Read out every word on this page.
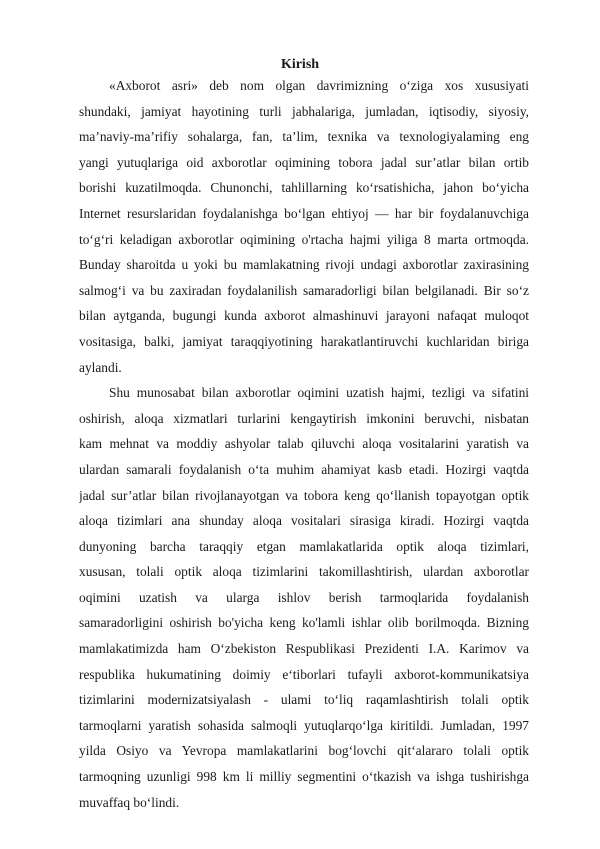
Kirish
«Axborot asri» deb nom olgan davrimizning o‘ziga xos xususiyati
shundaki, jamiyat hayotining turli jabhalariga, jumladan, iqtisodiy, siyosiy,
ma’naviy-ma’rifiy sohalarga, fan, ta’lim, texnika va texnologiyalaming eng
yangi yutuqlariga oid axborotlar oqimining tobora jadal sur’atlar bilan ortib
borishi kuzatilmoqda. Chunonchi, tahlillarning ko‘rsatishicha, jahon bo‘yicha
Internet resurslaridan foydalanishga bo‘lgan ehtiyoj — har bir foydalanuvchiga
to‘g‘ri keladigan axborotlar oqimining o'rtacha hajmi yiliga 8 marta ortmoqda.
Bunday sharoitda u yoki bu mamlakatning rivoji undagi axborotlar zaxirasining
salmog‘i va bu zaxiradan foydalanilish samaradorligi bilan belgilanadi. Bir so‘z
bilan aytganda, bugungi kunda axborot almashinuvi jarayoni nafaqat muloqot
vositasiga, balki, jamiyat taraqqiyotining harakatlantiruvchi kuchlaridan biriga
aylandi.
Shu munosabat bilan axborotlar oqimini uzatish hajmi, tezligi va sifatini
oshirish, aloqa xizmatlari turlarini kengaytirish imkonini beruvchi, nisbatan
kam mehnat va moddiy ashyolar talab qiluvchi aloqa vositalarini yaratish va
ulardan samarali foydalanish o‘ta muhim ahamiyat kasb etadi. Hozirgi vaqtda
jadal sur’atlar bilan rivojlanayotgan va tobora keng qo‘llanish topayotgan optik
aloqa tizimlari ana shunday aloqa vositalari sirasiga kiradi. Hozirgi vaqtda
dunyoning barcha taraqqiy etgan mamlakatlarida optik aloqa tizimlari,
xususan, tolali optik aloqa tizimlarini takomillashtirish, ulardan axborotlar
oqimini uzatish va ularga ishlov berish tarmoqlarida foydalanish
samaradorligini oshirish bo'yicha keng ko'lamli ishlar olib borilmoqda. Bizning
mamlakatimizda ham O‘zbekiston Respublikasi Prezidenti I.A. Karimov va
respublika hukumatining doimiy e‘tiborlari tufayli axborot-kommunikatsiya
tizimlarini modernizatsiyalash - ulami to‘liq raqamlashtirish tolali optik
tarmoqlarni yaratish sohasida salmoqli yutuqlarqo‘lga kiritildi. Jumladan, 1997
yilda Osiyo va Yevropa mamlakatlarini bog‘lovchi qit‘alararo tolali optik
tarmoqning uzunligi 998 km li milliy segmentini o‘tkazish va ishga tushirishga
muvaffaq bo‘lindi.
